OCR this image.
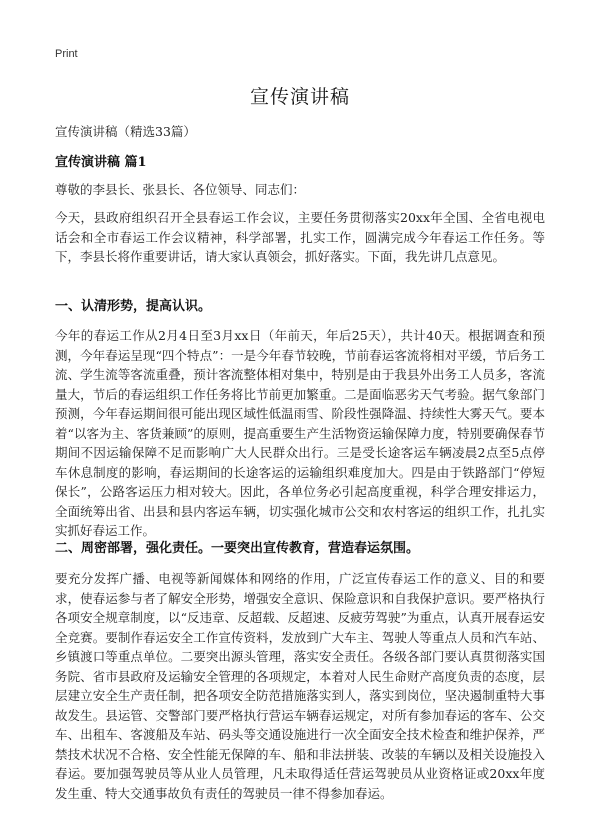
Print
宣传演讲稿
宣传演讲稿（精选33篇）
宣传演讲稿 篇1
尊敬的李县长、张县长、各位领导、同志们：

今天，县政府组织召开全县春运工作会议，主要任务贯彻落实20xx年全国、全省电视电话会和全市春运工作会议精神，科学部署，扎实工作，圆满完成今年春运工作任务。等下，李县长将作重要讲话，请大家认真领会，抓好落实。下面，我先讲几点意见。

一、认清形势，提高认识。

今年的春运工作从2月4日至3月xx日（年前天，年后25天），共计40天。根据调查和预测，今年春运呈现“四个特点”：一是今年春节较晚，节前春运客流将相对平缓，节后务工流、学生流等客流重叠，预计客流整体相对集中，特别是由于我县外出务工人员多，客流量大，节后的春运组织工作任务将比节前更加繁重。二是面临恶劣天气考验。据气象部门预测，今年春运期间很可能出现区域性低温雨雪、阶段性强降温、持续性大雾天气。要本着“以客为主、客货兼顾”的原则，提高重要生产生活物资运输保障力度，特别要确保春节期间不因运输保障不足而影响广大人民群众出行。三是受长途客运车辆凌晨2点至5点停车休息制度的影响，春运期间的长途客运的运输组织难度加大。四是由于铁路部门“停短保长”，公路客运压力相对较大。因此，各单位务必引起高度重视，科学合理安排运力，全面统筹出省、出县和县内客运车辆，切实强化城市公交和农村客运的组织工作，扎扎实实抓好春运工作。

二、周密部署，强化责任。一要突出宣传教育，营造春运氛围。

要充分发挥广播、电视等新闻媒体和网络的作用，广泛宣传春运工作的意义、目的和要求，使春运参与者了解安全形势，增强安全意识、保险意识和自我保护意识。要严格执行各项安全规章制度，以“反违章、反超载、反超速、反疲劳驾驶”为重点，认真开展春运安全竞赛。要制作春运安全工作宣传资料，发放到广大车主、驾驶人等重点人员和汽车站、乡镇渡口等重点单位。二要突出源头管理，落实安全责任。各级各部门要认真贯彻落实国务院、省市县政府及运输安全管理的各项规定，本着对人民生命财产高度负责的态度，层层建立安全生产责任制，把各项安全防范措施落实到人，落实到岗位，坚决遏制重特大事故发生。县运管、交警部门要严格执行营运车辆春运规定，对所有参加春运的客车、公交车、出租车、客渡船及车站、码头等交通设施进行一次全面安全技术检查和维护保养，严禁技术状况不合格、安全性能无保障的车、船和非法拼装、改装的车辆以及相关设施投入春运。要加强驾驶员等从业人员管理，凡未取得适任营运驾驶员从业资格证或20xx年度发生重、特大交通事故负有责任的驾驶员一律不得参加春运。
